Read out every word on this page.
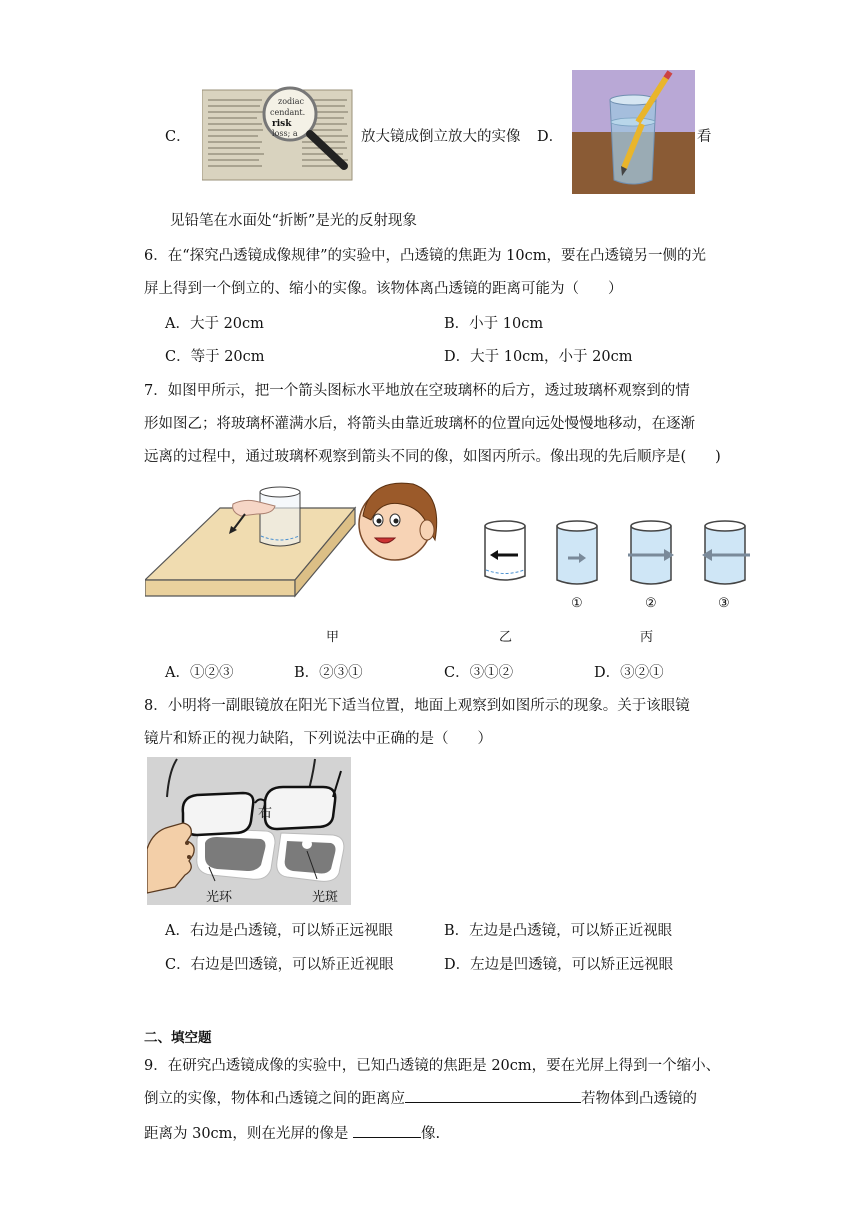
C．
zodiac
cendant.
risk
loss; a	放大镜成倒立放大的实像 D．	看
见铅笔在水面处“折断”是光的反射现象
6．在“探究凸透镜成像规律”的实验中，凸透镜的焦距为 10cm，要在凸透镜另一侧的光
屏上得到一个倒立的、缩小的实像。该物体离凸透镜的距离可能为（　　）
A．大于 20cm	B．小于 10cm
C．等于 20cm	D．大于 10cm，小于 20cm
7．如图甲所示，把一个箭头图标水平地放在空玻璃杯的后方，透过玻璃杯观察到的情
形如图乙；将玻璃杯灌满水后，将箭头由靠近玻璃杯的位置向远处慢慢地移动，在逐渐
远离的过程中，通过玻璃杯观察到箭头不同的像，如图丙所示。像出现的先后顺序是(　　)
①	②	③
甲	乙	丙
A．①②③	B．②③①	C．③①②	D．③②①
8．小明将一副眼镜放在阳光下适当位置，地面上观察到如图所示的现象。关于该眼镜
镜片和矫正的视力缺陷，下列说法中正确的是（　　）
右
光环	光斑
A．右边是凸透镜，可以矫正远视眼	B．左边是凸透镜，可以矫正近视眼
C．右边是凹透镜，可以矫正近视眼	D．左边是凹透镜，可以矫正远视眼
二、填空题
9．在研究凸透镜成像的实验中，已知凸透镜的焦距是 20cm，要在光屏上得到一个缩小、
倒立的实像，物体和凸透镜之间的距离应	若物体到凸透镜的
距离为 30cm，则在光屏的像是	像.
